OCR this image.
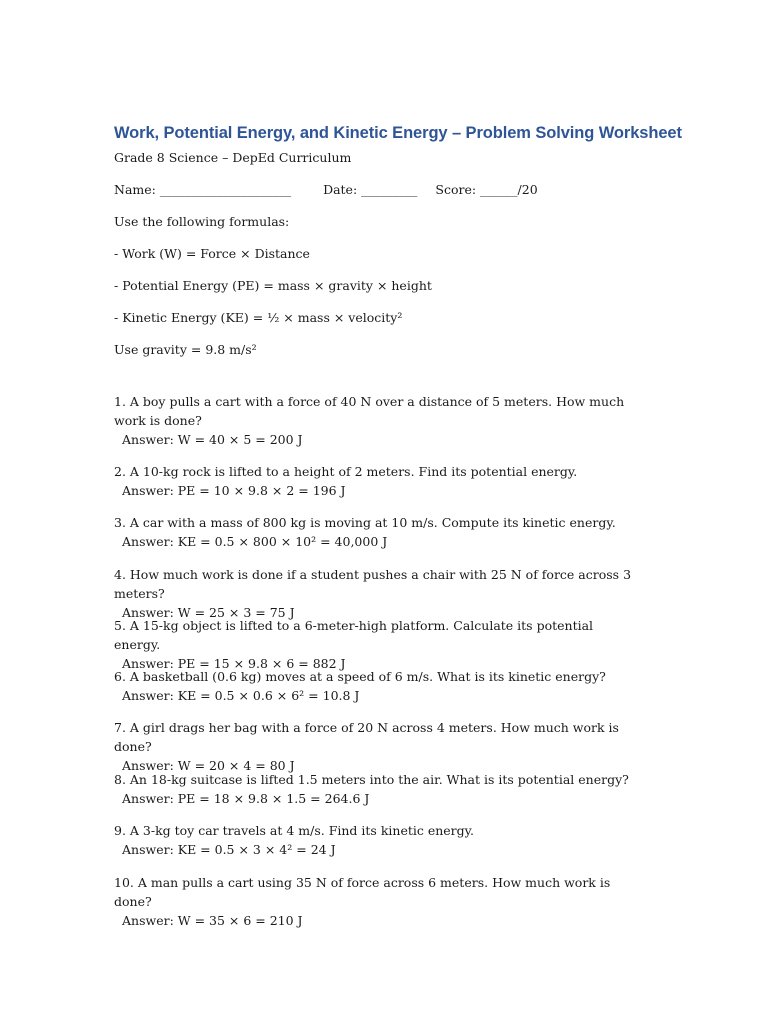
Work, Potential Energy, and Kinetic Energy – Problem Solving Worksheet
Grade 8 Science – DepEd Curriculum
Name: _____________________	Date: _________ Score: ______/20
Use the following formulas:
- Work (W) = Force × Distance
- Potential Energy (PE) = mass × gravity × height
- Kinetic Energy (KE) = ½ × mass × velocity²
Use gravity = 9.8 m/s²
1. A boy pulls a cart with a force of 40 N over a distance of 5 meters. How much work is done?
Answer: W = 40 × 5 = 200 J
2. A 10-kg rock is lifted to a height of 2 meters. Find its potential energy.
Answer: PE = 10 × 9.8 × 2 = 196 J
3. A car with a mass of 800 kg is moving at 10 m/s. Compute its kinetic energy.
Answer: KE = 0.5 × 800 × 10² = 40,000 J
4. How much work is done if a student pushes a chair with 25 N of force across 3 meters?
Answer: W = 25 × 3 = 75 J
5. A 15-kg object is lifted to a 6-meter-high platform. Calculate its potential energy.
Answer: PE = 15 × 9.8 × 6 = 882 J
6. A basketball (0.6 kg) moves at a speed of 6 m/s. What is its kinetic energy?
Answer: KE = 0.5 × 0.6 × 6² = 10.8 J
7. A girl drags her bag with a force of 20 N across 4 meters. How much work is done?
Answer: W = 20 × 4 = 80 J
8. An 18-kg suitcase is lifted 1.5 meters into the air. What is its potential energy?
Answer: PE = 18 × 9.8 × 1.5 = 264.6 J
9. A 3-kg toy car travels at 4 m/s. Find its kinetic energy.
Answer: KE = 0.5 × 3 × 4² = 24 J
10. A man pulls a cart using 35 N of force across 6 meters. How much work is done?
Answer: W = 35 × 6 = 210 J
